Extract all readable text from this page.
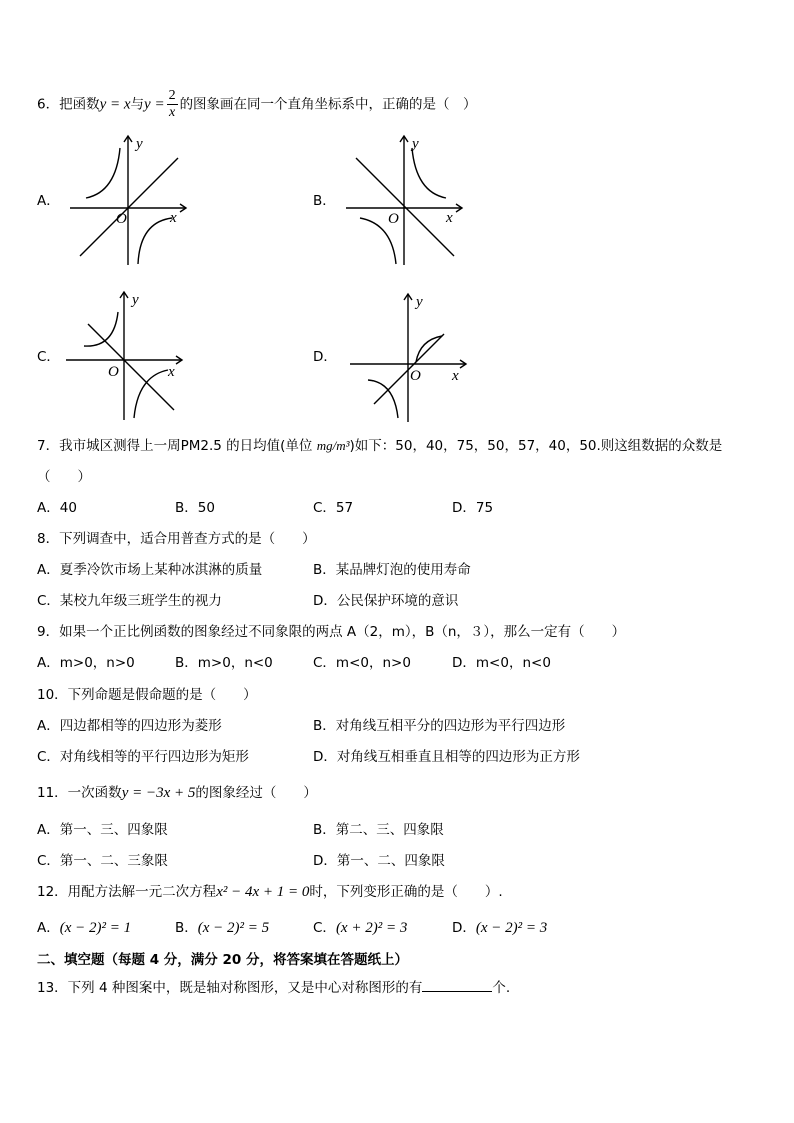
6．把函数y = x与$y = \frac{2}{x}$ 的图象画在同一个直角坐标系中，正确的是（　）
A．	B．
C．	D．
y
x
O
y
x
O
y
x
O
y
x
O
7．我市城区测得上一周PM2.5 的日均值(单位 mg/m³)如下：50，40，75，50，57，40，50.则这组数据的众数是
（　　）
A．40	B．50	C．57	D．75
8．下列调查中，适合用普查方式的是（　　）
A．夏季冷饮市场上某种冰淇淋的质量	B．某品牌灯泡的使用寿命
C．某校九年级三班学生的视力	D．公民保护环境的意识
9．如果一个正比例函数的图象经过不同象限的两点 A（2，m），B（n，３），那么一定有（　　）
A．m>0，n>0	B．m>0，n<0	C．m<0，n>0	D．m<0，n<0
10．下列命题是假命题的是（　　）
A．四边都相等的四边形为菱形	B．对角线互相平分的四边形为平行四边形
C．对角线相等的平行四边形为矩形	D．对角线互相垂直且相等的四边形为正方形
11．一次函数y = −3x + 5的图象经过（　　）
A．第一、三、四象限	B．第二、三、四象限
C．第一、二、三象限	D．第一、二、四象限
12．用配方法解一元二次方程x² − 4x + 1 = 0时，下列变形正确的是（　　）.
A．(x − 2)² = 1	B．(x − 2)² = 5	C．(x + 2)² = 3	D．(x − 2)² = 3
二、填空题（每题 4 分，满分 20 分，将答案填在答题纸上）
13．下列 4 种图案中，既是轴对称图形，又是中心对称图形的有	个.
